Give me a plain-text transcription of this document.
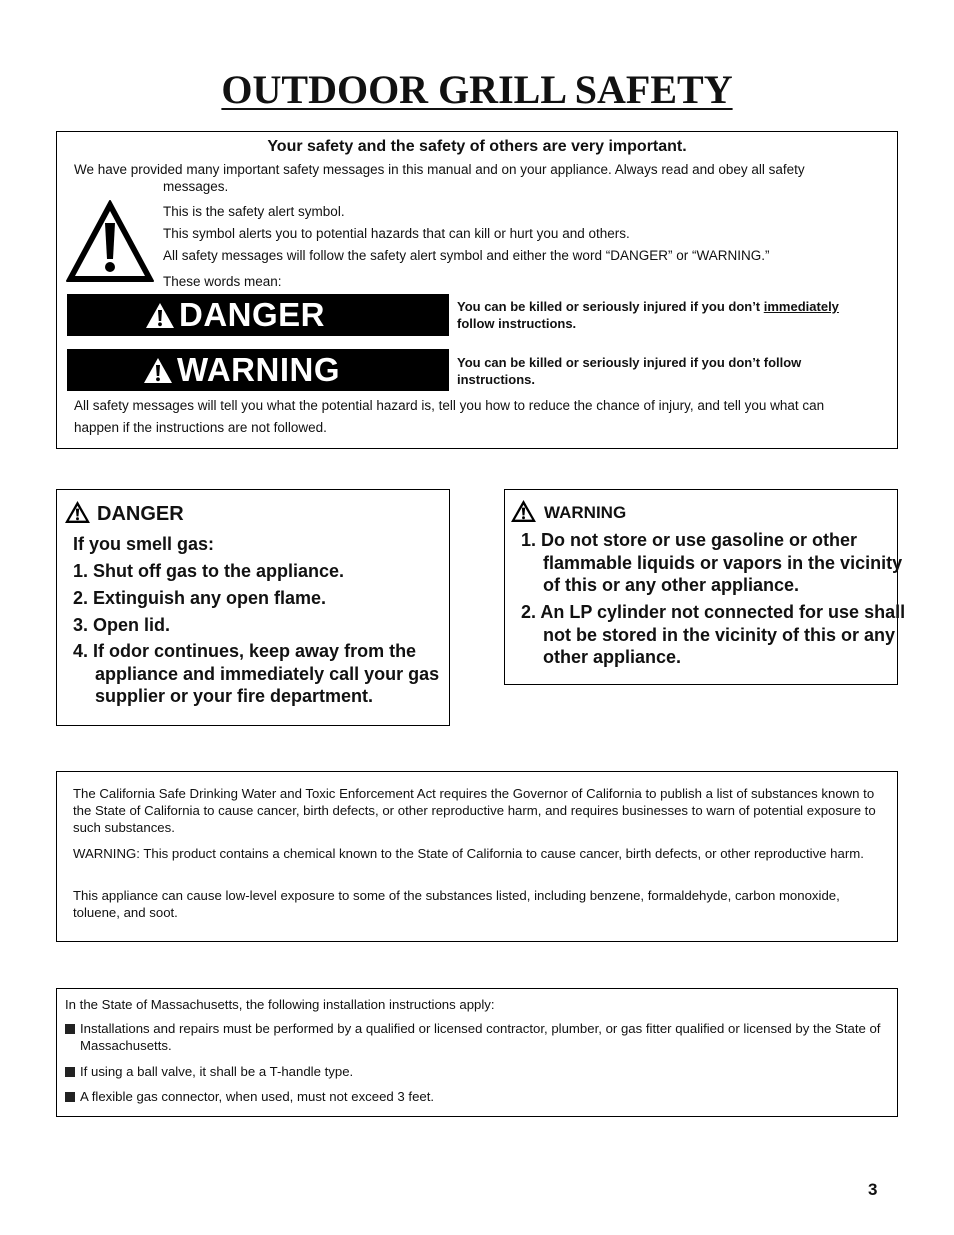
OUTDOOR GRILL SAFETY
Your safety and the safety of others are very important.
We have provided many important safety messages in this manual and on your appliance. Always read and obey all safety
messages.
This is the safety alert symbol.
This symbol alerts you to potential hazards that can kill or hurt you and others.
All safety messages will follow the safety alert symbol and either the word “DANGER” or “WARNING.”
These words mean:
DANGER	You can be killed or seriously injured if you don’t immediately
follow instructions.
WARNING	You can be killed or seriously injured if you don’t follow
instructions.
All safety messages will tell you what the potential hazard is, tell you how to reduce the chance of injury, and tell you what can
happen if the instructions are not followed.
DANGER
If you smell gas:
1. Shut off gas to the appliance.
2. Extinguish any open flame.
3. Open lid.
4. If odor continues, keep away from the appliance and immediately call your gas supplier or your fire department.
WARNING
1. Do not store or use gasoline or other flammable liquids or vapors in the vicinity of this or any other appliance.
2. An LP cylinder not connected for use shall not be stored in the vicinity of this or any other appliance.
The California Safe Drinking Water and Toxic Enforcement Act requires the Governor of California to publish a list of substances known to the State of California to cause cancer, birth defects, or other reproductive harm, and requires businesses to warn of potential exposure to such substances.
WARNING: This product contains a chemical known to the State of California to cause cancer, birth defects, or other reproductive harm.
This appliance can cause low-level exposure to some of the substances listed, including benzene, formaldehyde, carbon monoxide, toluene, and soot.
In the State of Massachusetts, the following installation instructions apply:
Installations and repairs must be performed by a qualified or licensed contractor, plumber, or gas fitter qualified or licensed by the State of Massachusetts.
If using a ball valve, it shall be a T-handle type.
A flexible gas connector, when used, must not exceed 3 feet.
3
